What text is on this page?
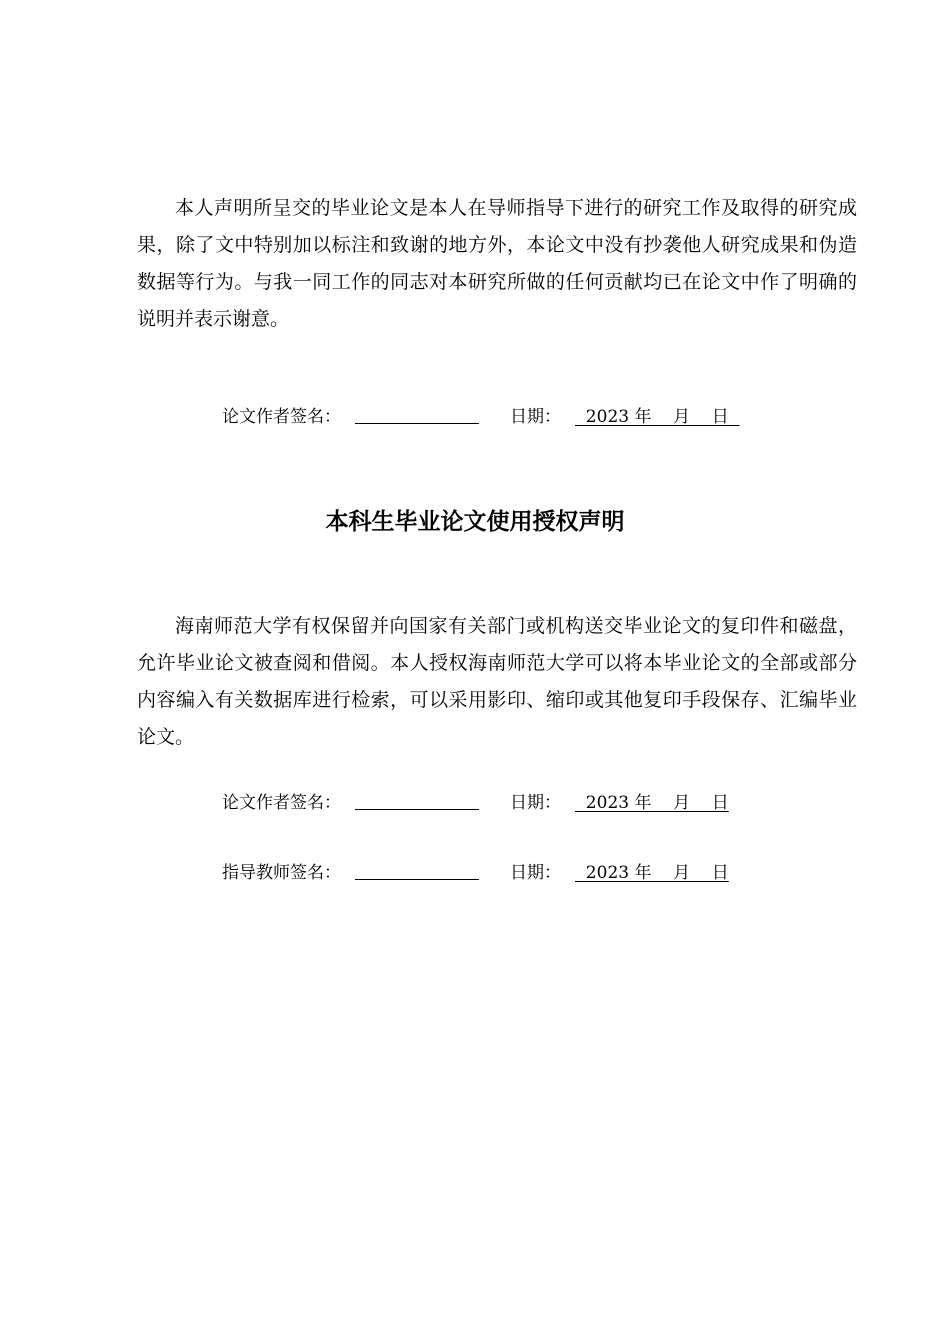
本人声明所呈交的毕业论文是本人在导师指导下进行的研究工作及取得的研究成果，除了文中特别加以标注和致谢的地方外，本论文中没有抄袭他人研究成果和伪造数据等行为。与我一同工作的同志对本研究所做的任何贡献均已在论文中作了明确的说明并表示谢意。

论文作者签名：	日期： 2023 年    月    日
本科生毕业论文使用授权声明

海南师范大学有权保留并向国家有关部门或机构送交毕业论文的复印件和磁盘，允许毕业论文被查阅和借阅。本人授权海南师范大学可以将本毕业论文的全部或部分内容编入有关数据库进行检索，可以采用影印、缩印或其他复印手段保存、汇编毕业论文。

论文作者签名：	日期： 2023 年    月    日
指导教师签名：	日期： 2023 年    月    日
